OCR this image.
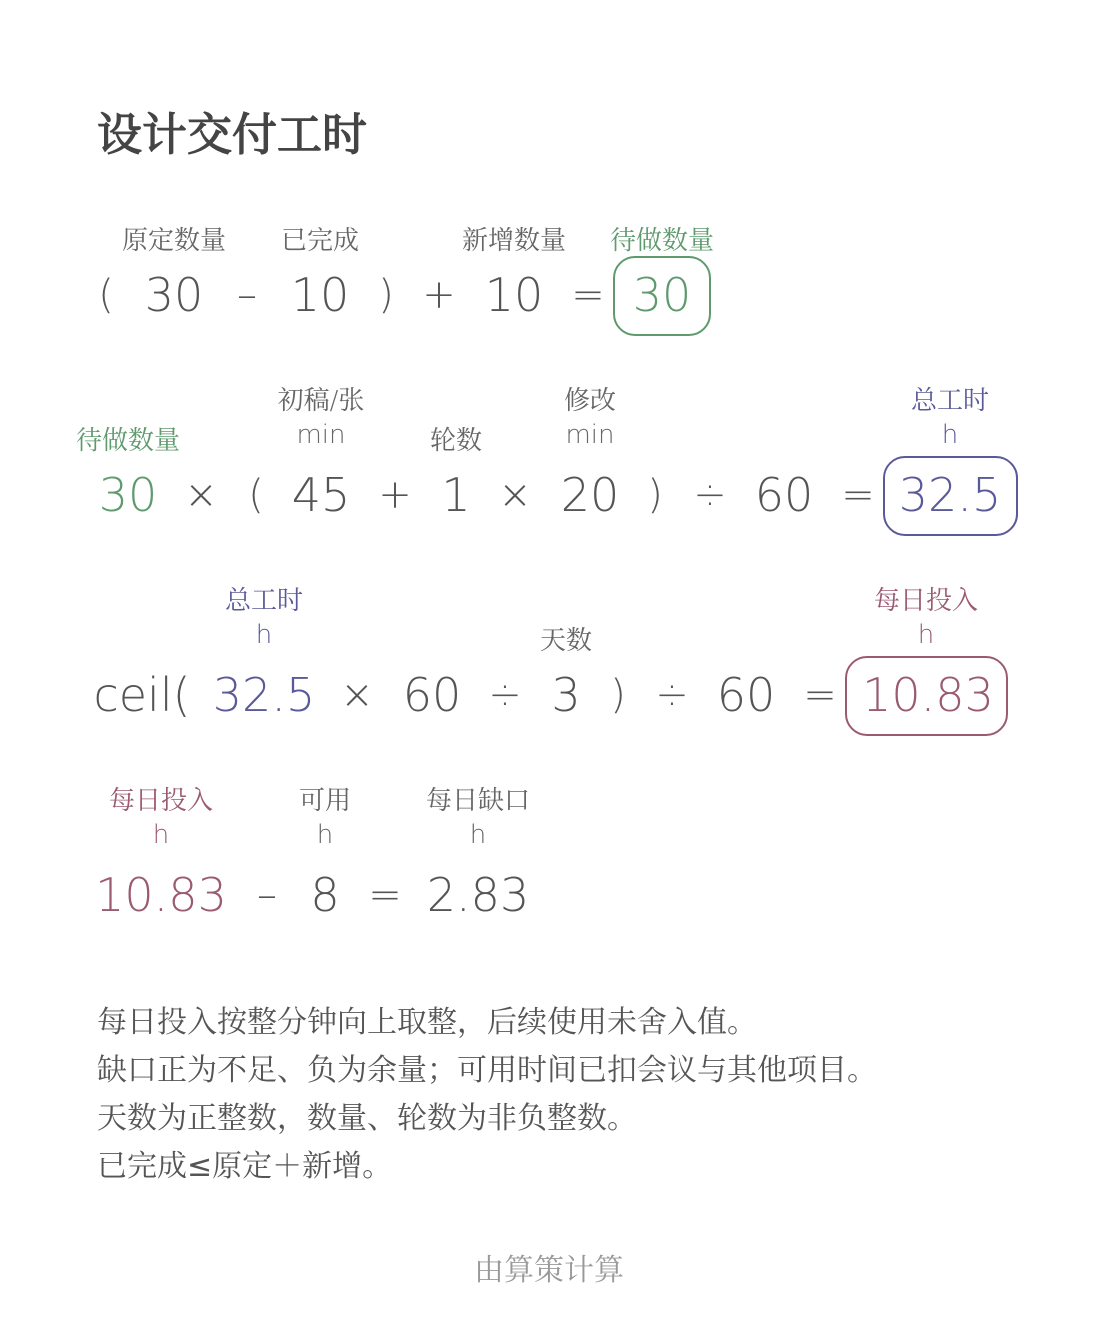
设计交付工时
原定数量 已完成	新增数量 待做数量
( 30 – 10 ) + 10 = 30
待做数量
初稿/张
min	轮数
修改
min
总工时
h
30 × ( 45 + 1 × 20 ) ÷ 60 = 32.5
总工时
h	天数
每日投入
h
ceil( 32.5 × 60 ÷ 3 ) ÷ 60 = 10.83
每日投入
h
可用
h
每日缺口
h
10.83 – 8 = 2.83
每日投入按整分钟向上取整，后续使用未舍入值。
缺口正为不足、负为余量；可用时间已扣会议与其他项目。
天数为正整数，数量、轮数为非负整数。
已完成≤原定＋新增。
由算策计算
